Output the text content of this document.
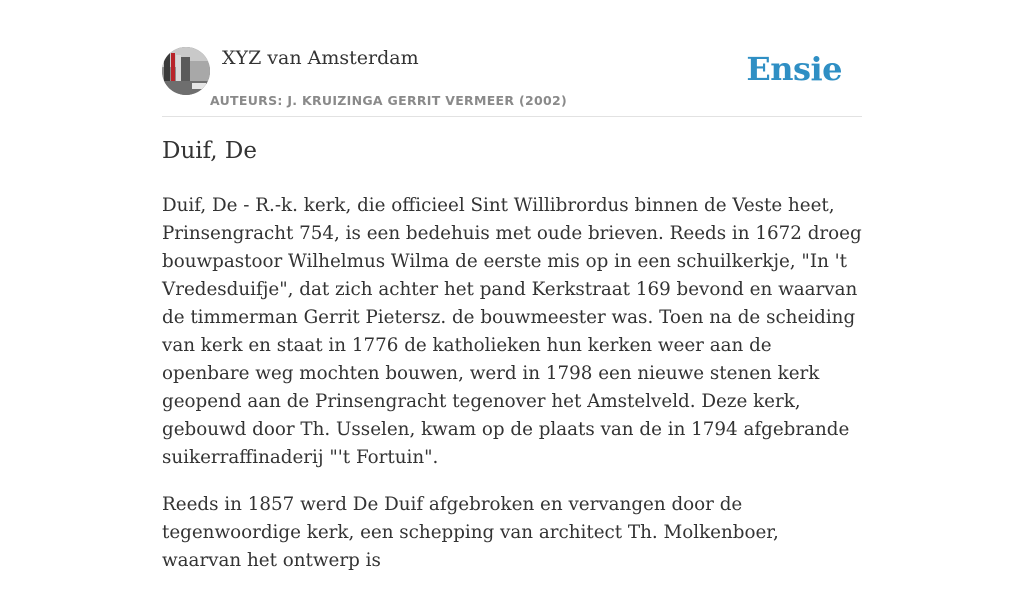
XYZ van Amsterdam
AUTEURS: J. KRUIZINGA GERRIT VERMEER (2002)
Ensie
Duif, De

Duif, De - R.-k. kerk, die officieel Sint Willibrordus binnen de Veste heet, Prinsengracht 754, is een bedehuis met oude brieven. Reeds in 1672 droeg bouwpastoor Wilhelmus Wilma de eerste mis op in een schuilkerkje, "In 't Vredesduifje", dat zich achter het pand Kerkstraat 169 bevond en waarvan de timmerman Gerrit Pietersz. de bouwmeester was. Toen na de scheiding van kerk en staat in 1776 de katholieken hun kerken weer aan de openbare weg mochten bouwen, werd in 1798 een nieuwe stenen kerk geopend aan de Prinsengracht tegenover het Amstelveld. Deze kerk, gebouwd door Th. Usselen, kwam op de plaats van de in 1794 afgebrande suikerraffinaderij "'t Fortuin".

Reeds in 1857 werd De Duif afgebroken en vervangen door de tegenwoordige kerk, een schepping van architect Th. Molkenboer, waarvan het ontwerp is
